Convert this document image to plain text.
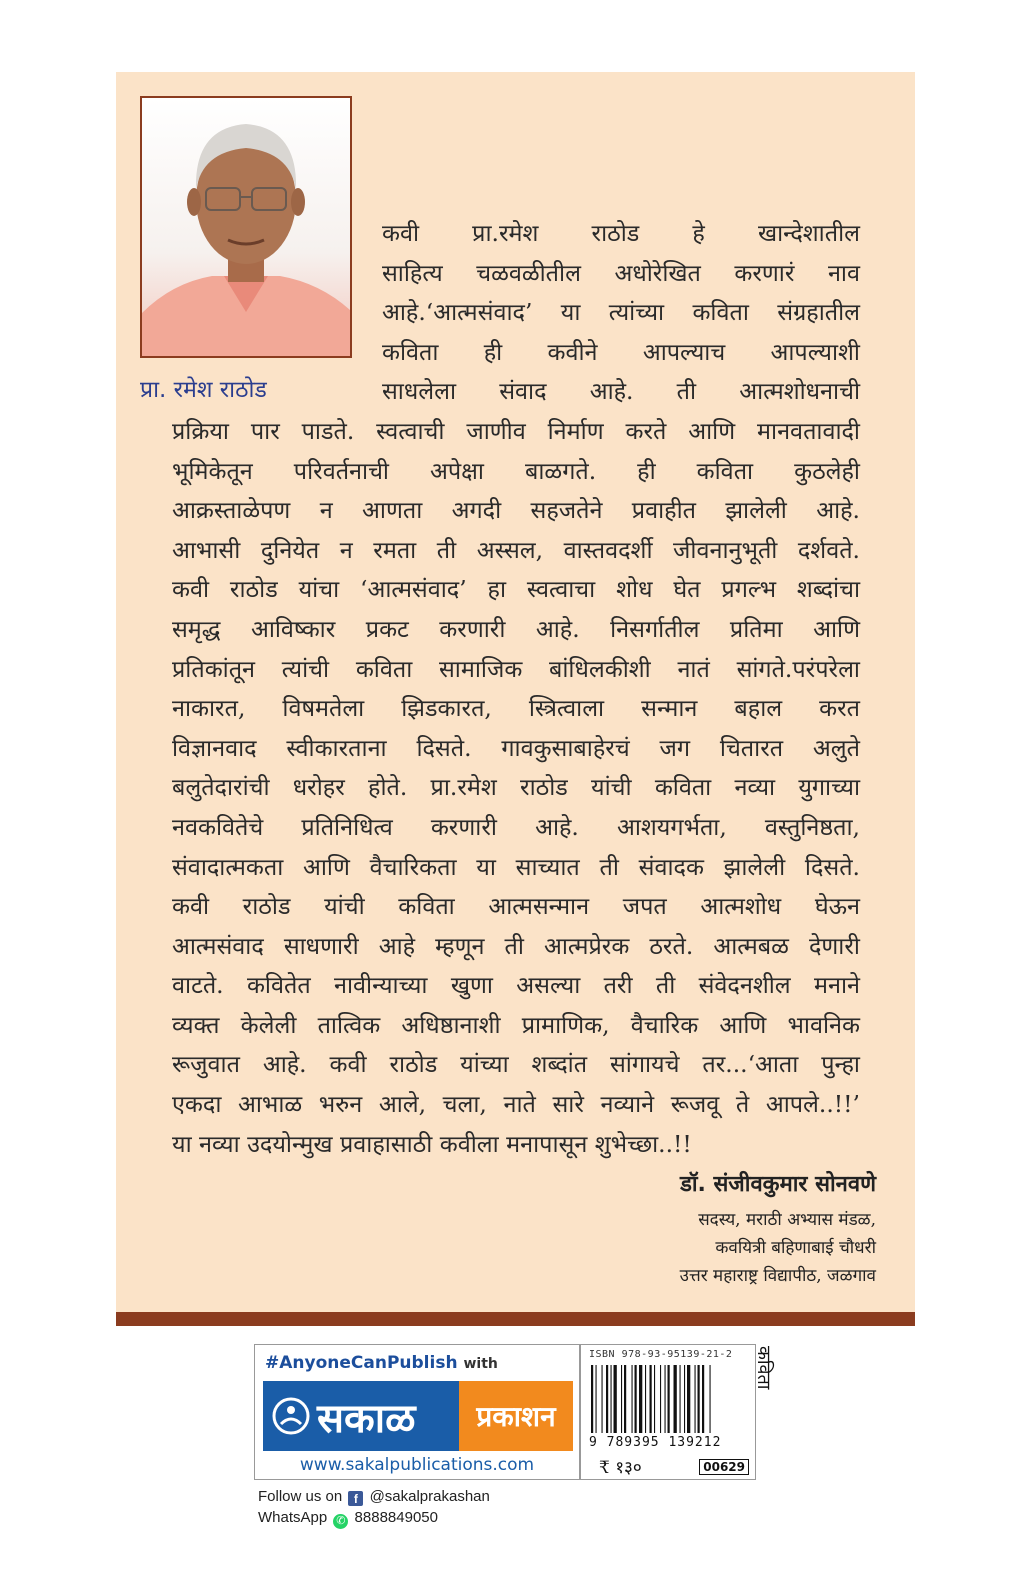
प्रा. रमेश राठोड
कवी प्रा.रमेश राठोड हे खान्देशातील
साहित्य चळवळीतील अधोरेखित करणारं नाव
आहे.‘आत्मसंवाद’ या त्यांच्या कविता संग्रहातील
कविता ही कवीने आपल्याच आपल्याशी
साधलेला संवाद आहे. ती आत्मशोधनाची
प्रक्रिया पार पाडते. स्वत्वाची जाणीव निर्माण करते आणि मानवतावादी
भूमिकेतून परिवर्तनाची अपेक्षा बाळगते. ही कविता कुठलेही
आक्रस्ताळेपण न आणता अगदी सहजतेने प्रवाहीत झालेली आहे.
आभासी दुनियेत न रमता ती अस्सल, वास्तवदर्शी जीवनानुभूती दर्शवते.
कवी राठोड यांचा ‘आत्मसंवाद’ हा स्वत्वाचा शोध घेत प्रगल्भ शब्दांचा
समृद्ध आविष्कार प्रकट करणारी आहे. निसर्गातील प्रतिमा आणि
प्रतिकांतून त्यांची कविता सामाजिक बांधिलकीशी नातं सांगते.परंपरेला
नाकारत, विषमतेला झिडकारत, स्त्रित्वाला सन्मान बहाल करत
विज्ञानवाद स्वीकारताना दिसते. गावकुसाबाहेरचं जग चितारत अलुते
बलुतेदारांची धरोहर होते. प्रा.रमेश राठोड यांची कविता नव्या युगाच्या
नवकवितेचे प्रतिनिधित्व करणारी आहे. आशयगर्भता, वस्तुनिष्ठता,
संवादात्मकता आणि वैचारिकता या साच्यात ती संवादक झालेली दिसते.
कवी राठोड यांची कविता आत्मसन्मान जपत आत्मशोध घेऊन
आत्मसंवाद साधणारी आहे म्हणून ती आत्मप्रेरक ठरते. आत्मबळ देणारी
वाटते. कवितेत नावीन्याच्या खुणा असल्या तरी ती संवेदनशील मनाने
व्यक्त केलेली तात्विक अधिष्ठानाशी प्रामाणिक, वैचारिक आणि भावनिक
रूजुवात आहे. कवी राठोड यांच्या शब्दांत सांगायचे तर...‘आता पुन्हा
एकदा आभाळ भरुन आले, चला, नाते सारे नव्याने रूजवू ते आपले..!!’
या नव्या उदयोन्मुख प्रवाहासाठी कवीला मनापासून शुभेच्छा..!!
डॉ. संजीवकुमार सोनवणे
सदस्य, मराठी अभ्यास मंडळ,
कवयित्री बहिणाबाई चौधरी
उत्तर महाराष्ट्र विद्यापीठ, जळगाव
#AnyoneCanPublish with
सकाळ प्रकाशन
www.sakalpublications.com
ISBN 978-93-95139-21-2
9 789395 139212
₹ १३०	00629
कविता
Follow us on f @sakalprakashan
WhatsApp ✆ 8888849050
